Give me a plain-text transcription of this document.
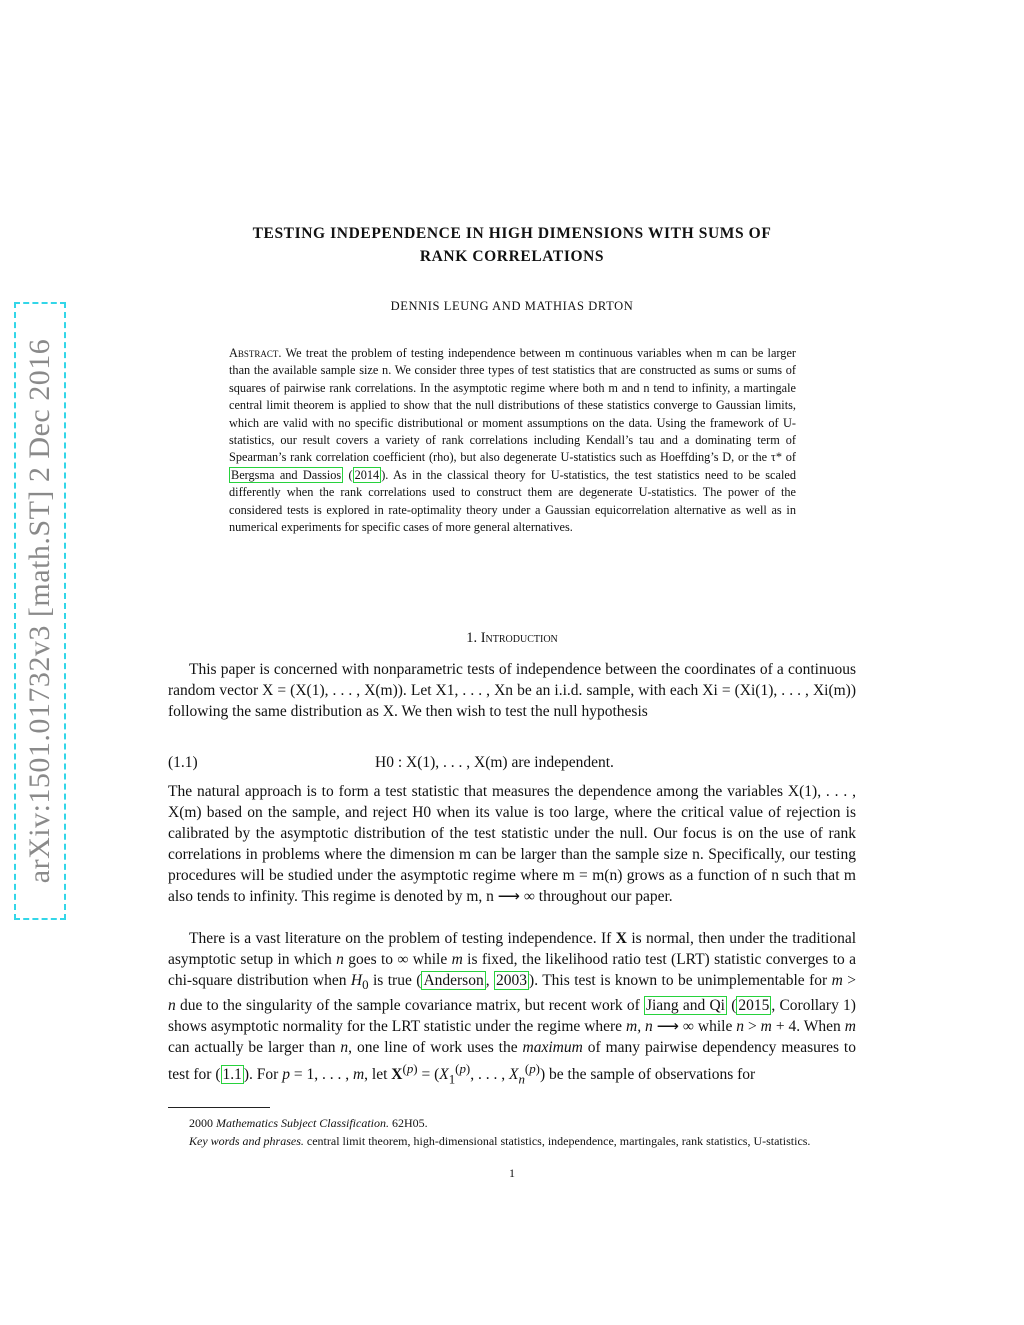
arXiv:1501.01732v3 [math.ST] 2 Dec 2016
TESTING INDEPENDENCE IN HIGH DIMENSIONS WITH SUMS OF
RANK CORRELATIONS
DENNIS LEUNG AND MATHIAS DRTON
Abstract. We treat the problem of testing independence between m continuous variables when m can be larger than the available sample size n. We consider three types of test statistics that are constructed as sums or sums of squares of pairwise rank correlations. In the asymptotic regime where both m and n tend to infinity, a martingale central limit theorem is applied to show that the null distributions of these statistics converge to Gaussian limits, which are valid with no specific distributional or moment assumptions on the data. Using the framework of U-statistics, our result covers a variety of rank correlations including Kendall’s tau and a dominating term of Spearman’s rank correlation coefficient (rho), but also degenerate U-statistics such as Hoeffding’s D, or the τ* of Bergsma and Dassios ( 2014 ). As in the classical theory for U-statistics, the test statistics need to be scaled differently when the rank correlations used to construct them are degenerate U-statistics. The power of the considered tests is explored in rate-optimality theory under a Gaussian equicorrelation alternative as well as in numerical experiments for specific cases of more general alternatives.
1. Introduction

This paper is concerned with nonparametric tests of independence between the coordinates of a continuous random vector X = (X(1), . . . , X(m)). Let X1, . . . , Xn be an i.i.d. sample, with each Xi = (Xi(1), . . . , Xi(m)) following the same distribution as X. We then wish to test the null hypothesis

(1.1)	H0 : X(1), . . . , X(m) are independent.

The natural approach is to form a test statistic that measures the dependence among the variables X(1), . . . , X(m) based on the sample, and reject H0 when its value is too large, where the critical value of rejection is calibrated by the asymptotic distribution of the test statistic under the null. Our focus is on the use of rank correlations in problems where the dimension m can be larger than the sample size n. Specifically, our testing procedures will be studied under the asymptotic regime where m = m(n) grows as a function of n such that m also tends to infinity. This regime is denoted by m, n ⟶ ∞ throughout our paper.

There is a vast literature on the problem of testing independence. If X is normal, then under the traditional asymptotic setup in which n goes to ∞ while m is fixed, the likelihood ratio test (LRT) statistic converges to a chi-square distribution when $H_0$ is true ( Anderson , 2003 ). This test is known to be unimplementable for m > n due to the singularity of the sample covariance matrix, but recent work of Jiang and Qi ( 2015 , Corollary 1) shows asymptotic normality for the LRT statistic under the regime where m, n ⟶ ∞ while n > m + 4. When m can actually be larger than n, one line of work uses the maximum of many pairwise dependency measures to test for ( 1.1 ). For p = 1, . . . , m, let $X^{(p)} = (X_1^{(p)}$, . . . , $X_n^{(p)}$) be the sample of observations for

2000 Mathematics Subject Classification. 62H05.

Key words and phrases. central limit theorem, high-dimensional statistics, independence, martingales, rank statistics, U-statistics.

1
